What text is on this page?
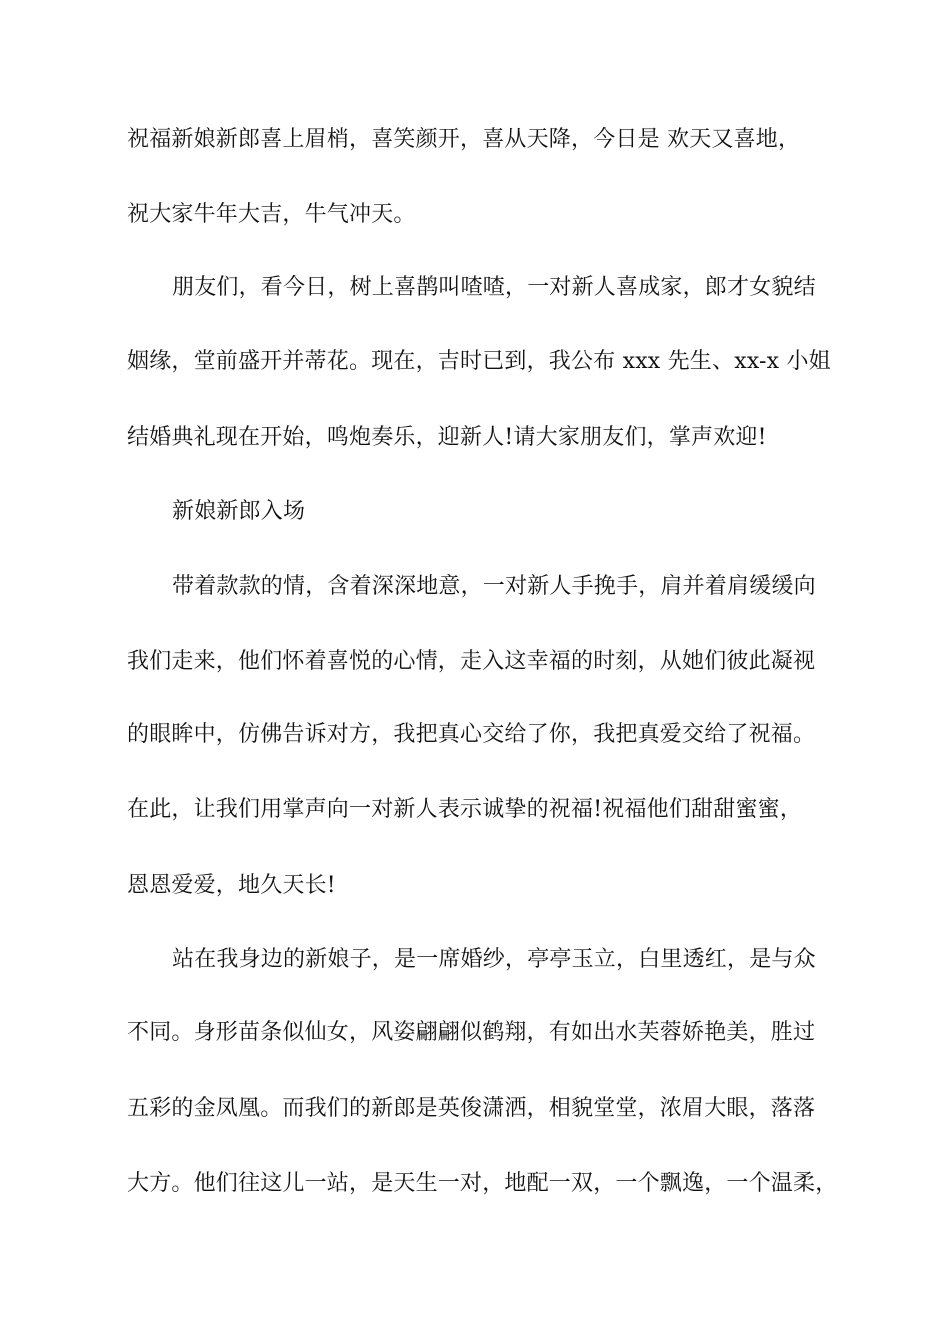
祝福新娘新郎喜上眉梢，喜笑颜开，喜从天降，今日是 欢天又喜地，
祝大家牛年大吉，牛气冲天。
朋友们，看今日，树上喜鹊叫喳喳，一对新人喜成家，郎才女貌结
姻缘，堂前盛开并蒂花。现在，吉时已到，我公布 xxx 先生、xx-x 小姐
结婚典礼现在开始，鸣炮奏乐，迎新人!请大家朋友们，掌声欢迎!
新娘新郎入场
带着款款的情，含着深深地意，一对新人手挽手，肩并着肩缓缓向
我们走来，他们怀着喜悦的心情，走入这幸福的时刻，从她们彼此凝视
的眼眸中，仿佛告诉对方，我把真心交给了你，我把真爱交给了祝福。
在此，让我们用掌声向一对新人表示诚挚的祝福!祝福他们甜甜蜜蜜，
恩恩爱爱，地久天长!
站在我身边的新娘子，是一席婚纱，亭亭玉立，白里透红，是与众
不同。身形苗条似仙女，风姿翩翩似鹤翔，有如出水芙蓉娇艳美，胜过
五彩的金凤凰。而我们的新郎是英俊潇洒，相貌堂堂，浓眉大眼，落落
大方。他们往这儿一站，是天生一对，地配一双，一个飘逸，一个温柔，
